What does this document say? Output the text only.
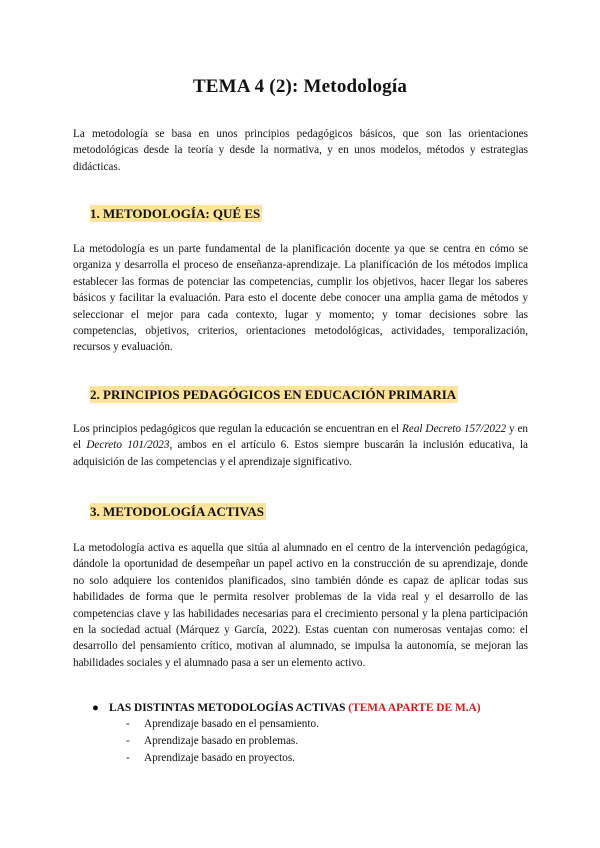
TEMA 4 (2): Metodología
La metodología se basa en unos principios pedagógicos básicos, que son las orientaciones metodológicas desde la teoría y desde la normativa, y en unos modelos, métodos y estrategias didácticas.
1. METODOLOGÍA: QUÉ ES
La metodología es un parte fundamental de la planificación docente ya que se centra en cómo se organiza y desarrolla el proceso de enseñanza-aprendizaje. La planificación de los métodos implica establecer las formas de potenciar las competencias, cumplir los objetivos, hacer llegar los saberes básicos y facilitar la evaluación. Para esto el docente debe conocer una amplia gama de métodos y seleccionar el mejor para cada contexto, lugar y momento; y tomar decisiones sobre las competencias, objetivos, criterios, orientaciones metodológicas, actividades, temporalización, recursos y evaluación.
2. PRINCIPIOS PEDAGÓGICOS EN EDUCACIÓN PRIMARIA
Los principios pedagógicos que regulan la educación se encuentran en el Real Decreto 157/2022 y en el Decreto 101/2023, ambos en el artículo 6. Estos siempre buscarán la inclusión educativa, la adquisición de las competencias y el aprendizaje significativo.
3. METODOLOGÍA ACTIVAS
La metodología activa es aquella que sitúa al alumnado en el centro de la intervención pedagógica, dándole la oportunidad de desempeñar un papel activo en la construcción de su aprendizaje, donde no solo adquiere los contenidos planificados, sino también dónde es capaz de aplicar todas sus habilidades de forma que le permita resolver problemas de la vida real y el desarrollo de las competencias clave y las habilidades necesarias para el crecimiento personal y la plena participación en la sociedad actual (Márquez y García, 2022). Estas cuentan con numerosas ventajas como: el desarrollo del pensamiento crítico, motivan al alumnado, se impulsa la autonomía, se mejoran las habilidades sociales y el alumnado pasa a ser un elemento activo.
● LAS DISTINTAS METODOLOGÍAS ACTIVAS (TEMA APARTE DE M.A)
- Aprendizaje basado en el pensamiento.
- Aprendizaje basado en problemas.
- Aprendizaje basado en proyectos.
